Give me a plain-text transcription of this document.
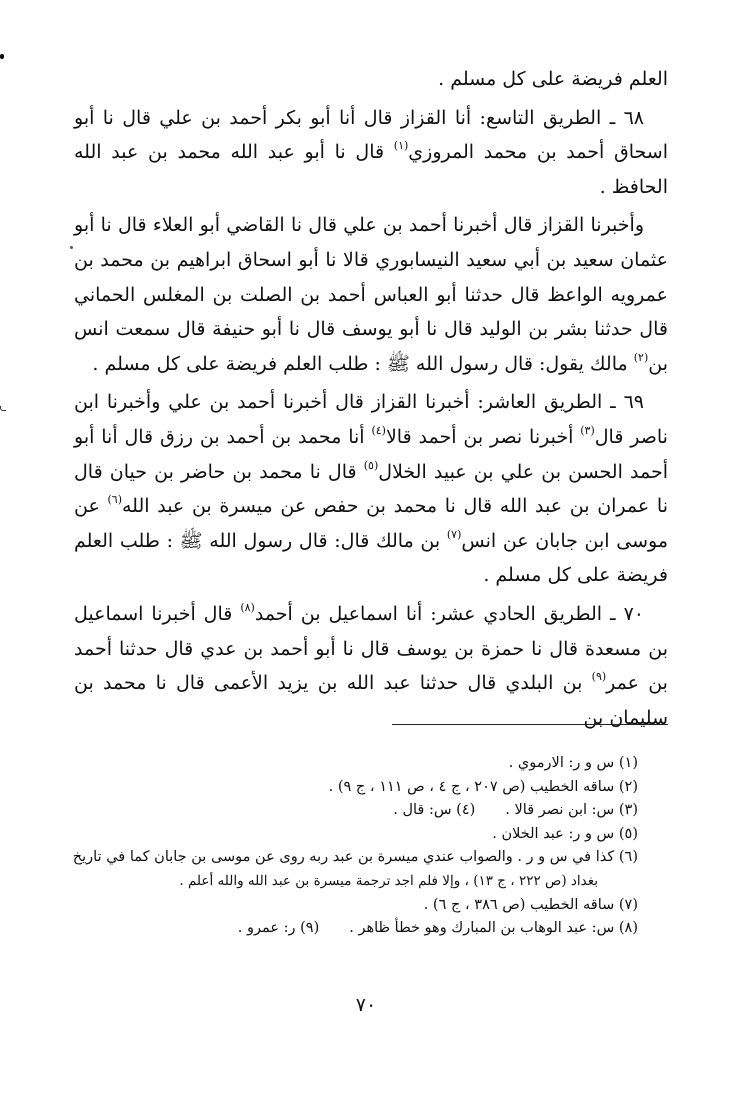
العلم فريضة على كل مسلم .

٦٨ ـ الطريق التاسع: أنا القزاز قال أنا أبو بكر أحمد بن علي قال نا أبو اسحاق أحمد بن محمد المروزي$^{(١)}$ قال نا أبو عبد الله محمد بن عبد الله الحافظ .

وأخبرنا القزاز قال أخبرنا أحمد بن علي قال نا القاضي أبو العلاء قال نا أبو عثمان سعيد بن أبي سعيد النيسابوري قالا نا أبو اسحاق ابراهيم بن محمد بن عمرويه الواعظ قال حدثنا أبو العباس أحمد بن الصلت بن المغلس الحماني قال حدثنا بشر بن الوليد قال نا أبو يوسف قال نا أبو حنيفة قال سمعت انس بن$^{(٢)}$ مالك يقول: قال رسول الله ﷺ : طلب العلم فريضة على كل مسلم .

٦٩ ـ الطريق العاشر: أخبرنا القزاز قال أخبرنا أحمد بن علي وأخبرنا ابن ناصر قال$^{(٣)}$ أخبرنا نصر بن أحمد قالا$^{(٤)}$ أنا محمد بن أحمد بن رزق قال أنا أبو أحمد الحسن بن علي بن عبيد الخلال$^{(٥)}$ قال نا محمد بن حاضر بن حيان قال نا عمران بن عبد الله قال نا محمد بن حفص عن ميسرة بن عبد الله$^{(٦)}$ عن موسى ابن جابان عن انس$^{(٧)}$ بن مالك قال: قال رسول الله ﷺ : طلب العلم فريضة على كل مسلم .

٧٠ ـ الطريق الحادي عشر: أنا اسماعيل بن أحمد$^{(٨)}$ قال أخبرنا اسماعيل بن مسعدة قال نا حمزة بن يوسف قال نا أبو أحمد بن عدي قال حدثنا أحمد بن عمر$^{(٩)}$ بن البلدي قال حدثنا عبد الله بن يزيد الأعمى قال نا محمد بن سليمان بن

(١) س و ر: الارموي .

(٢) ساقه الخطيب (ص ٢٠٧ ، ج ٤ ، ص ١١١ ، ج ٩) .

(٣) س: ابن نصر قالا .(٤) س: قال .

(٥) س و ر: عبد الخلان .

(٦) كذا في س و ر . والصواب عندي ميسرة بن عبد ربه روى عن موسى بن جابان كما في تاريخ

بغداد (ص ٢٢٢ ، ج ١٣) ، وإلا فلم اجد ترجمة ميسرة بن عبد الله والله أعلم .

(٧) ساقه الخطيب (ص ٣٨٦ ، ج ٦) .

(٨) س: عبد الوهاب بن المبارك وهو خطأ ظاهر .(٩) ر: عمرو .

٧٠
